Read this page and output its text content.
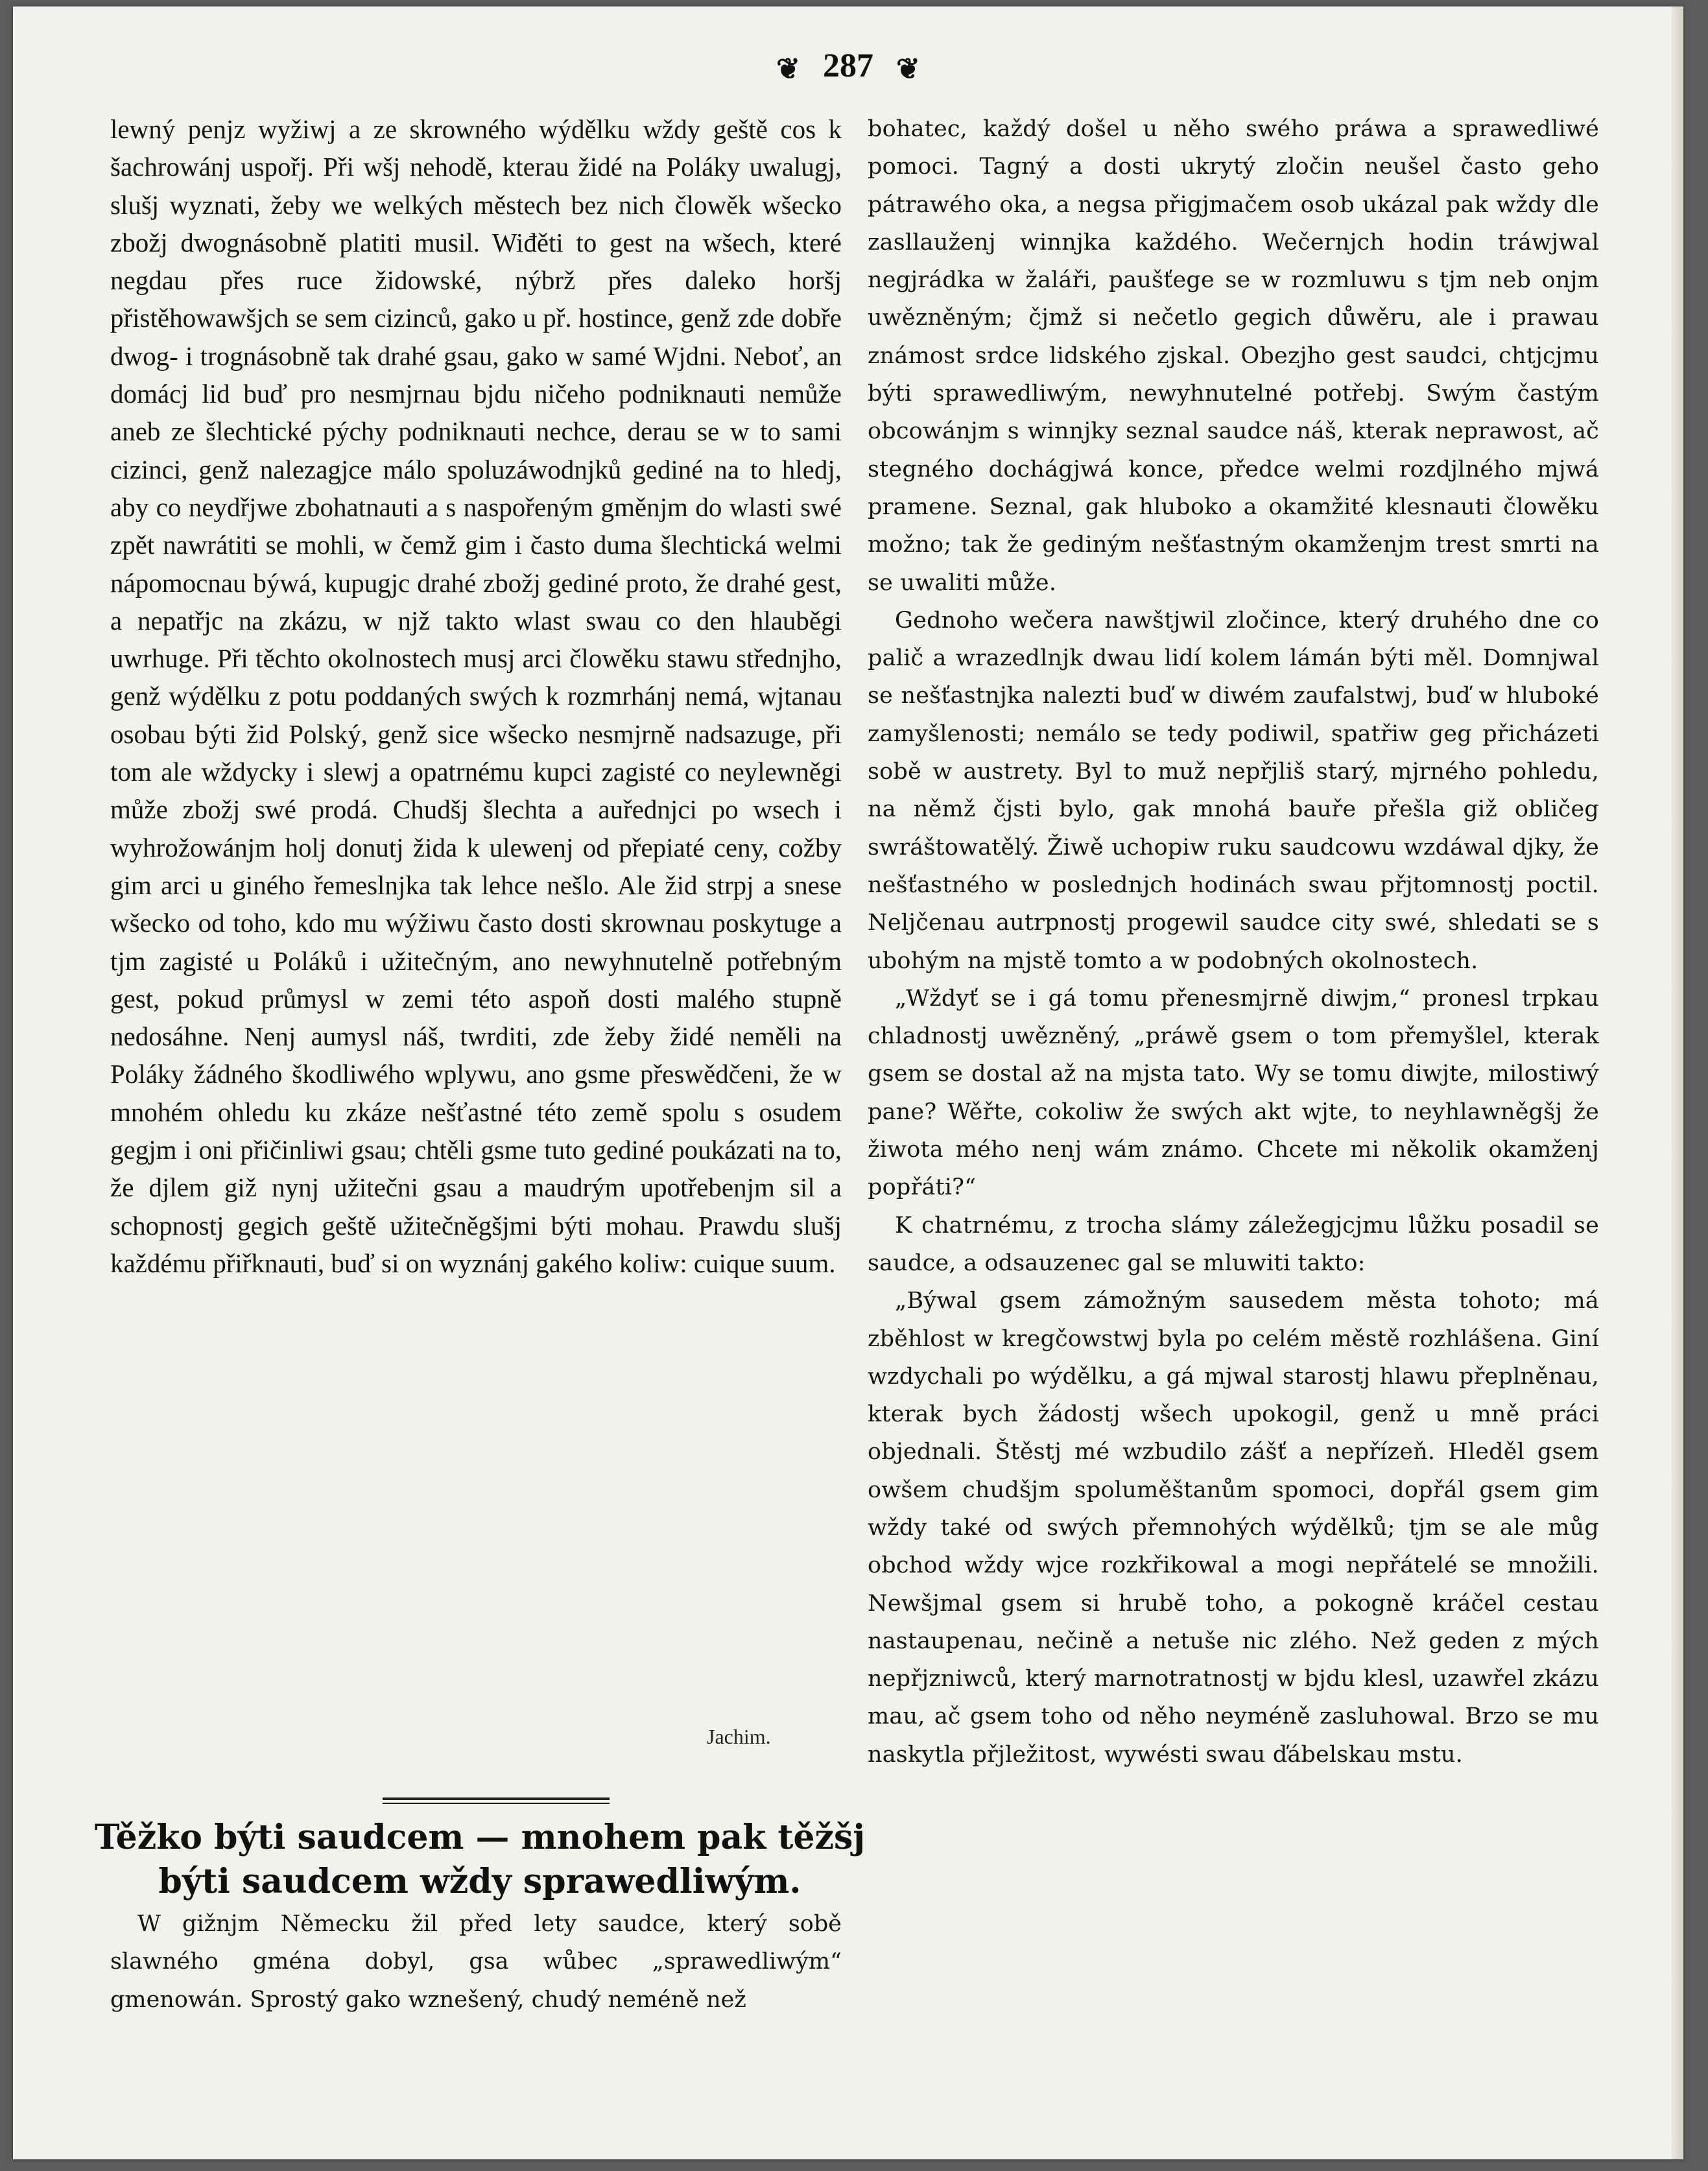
❦ 287 ❦

lewný penjz wyžiwj a ze skrowného wýdělku wždy geště cos k šachrowánj uspořj. Při wšj nehodě, kterau židé na Poláky uwalugj, slušj wyznati, žeby we welkých městech bez nich člowěk wšecko zbožj dwognásobně platiti musil. Wiđěti to gest na wšech, které negdau přes ruce židowské, nýbrž přes daleko horšj přistěhowawšjch se sem cizinců, gako u př. hostince, genž zde dobře dwog- i trognásobně tak drahé gsau, gako w samé Wjdni. Neboť, an domácj lid buď pro nesmjrnau bjdu ničeho podniknauti nemůže aneb ze šlechtické pýchy podniknauti nechce, derau se w to sami cizinci, genž nalezagjce málo spoluzáwodnjků gediné na to hledj, aby co neydřjwe zbohatnauti a s naspořeným gměnjm do wlasti swé zpět nawrátiti se mohli, w čemž gim i často duma šlechtická welmi nápomocnau býwá, kupugjc drahé zbožj gediné proto, že drahé gest, a nepatřjc na zkázu, w njž takto wlast swau co den hlauběgi uwrhuge. Při těchto okolnostech musj arci člowěku stawu střednjho, genž wýdělku z potu poddaných swých k rozmrhánj nemá, wjtanau osobau býti žid Polský, genž sice wšecko nesmjrně nadsazuge, při tom ale wždycky i slewj a opatrnému kupci zagisté co neylewněgi může zbožj swé prodá. Chudšj šlechta a auřednjci po wsech i wyhrožowánjm holj donutj žida k ulewenj od přepiaté ceny, cožby gim arci u giného řemeslnjka tak lehce nešlo. Ale žid strpj a snese wšecko od toho, kdo mu wýžiwu často dosti skrownau poskytuge a tjm zagisté u Poláků i užitečným, ano newyhnutelně potřebným gest, pokud průmysl w zemi této aspoň dosti malého stupně nedosáhne. Nenj aumysl náš, twrditi, zde žeby židé neměli na Poláky žádného škodliwého wplywu, ano gsme přeswědčeni, že w mnohém ohledu ku zkáze nešťastné této země spolu s osudem gegjm i oni přičinliwi gsau; chtěli gsme tuto gediné poukázati na to, že djlem giž nynj užitečni gsau a maudrým upotřebenjm sil a schopnostj gegich geště užitečněgšjmi býti mohau. Prawdu slušj každému přiřknauti, buď si on wyznánj gakého koliw: cuique suum.

Jachim.
Těžko býti saudcem — mnohem pak těžšj býti saudcem wždy sprawedliwým.
W gižnjm Německu žil před lety saudce, který sobě slawného gména dobyl, gsa wůbec „sprawedliwým“ gmenowán. Sprostý gako wznešený, chudý neméně než

bohatec, každý došel u něho swého práwa a sprawedliwé pomoci. Tagný a dosti ukrytý zločin neušel často geho pátrawého oka, a negsa přigjmačem osob ukázal pak wždy dle zasllauženj winnjka každého. Wečernjch hodin tráwjwal negjrádka w žaláři, paušťege se w rozmluwu s tjm neb onjm uwězněným; čjmž si nečetlo gegich důwěru, ale i prawau známost srdce lidského zjskal. Obezjho gest saudci, chtjcjmu býti sprawedliwým, newyhnutelné potřebj. Swým častým obcowánjm s winnjky seznal saudce náš, kterak neprawost, ač stegného dochágjwá konce, předce welmi rozdjlného mjwá pramene. Seznal, gak hluboko a okamžité klesnauti člowěku možno; tak že gediným nešťastným okamženjm trest smrti na se uwaliti může.

Gednoho wečera nawštjwil zločince, který druhého dne co palič a wrazedlnjk dwau lidí kolem lámán býti měl. Domnjwal se nešťastnjka nalezti buď w diwém zaufalstwj, buď w hluboké zamyšlenosti; nemálo se tedy podiwil, spatřiw geg přicházeti sobě w austrety. Byl to muž nepřjliš starý, mjrného pohledu, na němž čjsti bylo, gak mnohá bauře přešla giž obličeg swráštowatělý. Žiwě uchopiw ruku saudcowu wzdáwal djky, že nešťastného w poslednjch hodinách swau přjtomnostj poctil. Nelјčenau autrpnostj progewil saudce city swé, shledati se s ubohým na mjstě tomto a w podobných okolnostech.

„Wždyť se i gá tomu přenesmjrně diwjm,“ pronesl trpkau chladnostj uwězněný, „práwě gsem o tom přemyšlel, kterak gsem se dostal až na mjsta tato. Wy se tomu diwjte, milostiwý pane? Wěřte, cokoliw že swých akt wjte, to neyhlawněgšj že žiwota mého nenj wám známo. Chcete mi několik okamženj popřáti?“

K chatrnému, z trocha slámy záležegjcjmu lůžku posadil se saudce, a odsauzenec gal se mluwiti takto:

„Býwal gsem zámožným sausedem města tohoto; má zběhlost w kregčowstwj byla po celém městě rozhlášena. Giní wzdychali po wýdělku, a gá mjwal starostj hlawu přeplněnau, kterak bych žádostj wšech upokogil, genž u mně práci objednali. Štěstj mé wzbudilo zášť a nepřízeň. Hleděl gsem owšem chudšjm spoluměštanům spomoci, dopřál gsem gim wždy také od swých přemnohých wýdělků; tjm se ale můg obchod wždy wjce rozkřikowal a mogi nepřátelé se množili. Newšjmal gsem si hrubě toho, a pokogně kráčel cestau nastaupenau, nečině a netuše nic zlého. Než geden z mých nepřjzniwců, který marnotratnostj w bjdu klesl, uzawřel zkázu mau, ač gsem toho od něho neyméně zasluhowal. Brzo se mu naskytla přjležitost, wywésti swau ďábelskau mstu.
